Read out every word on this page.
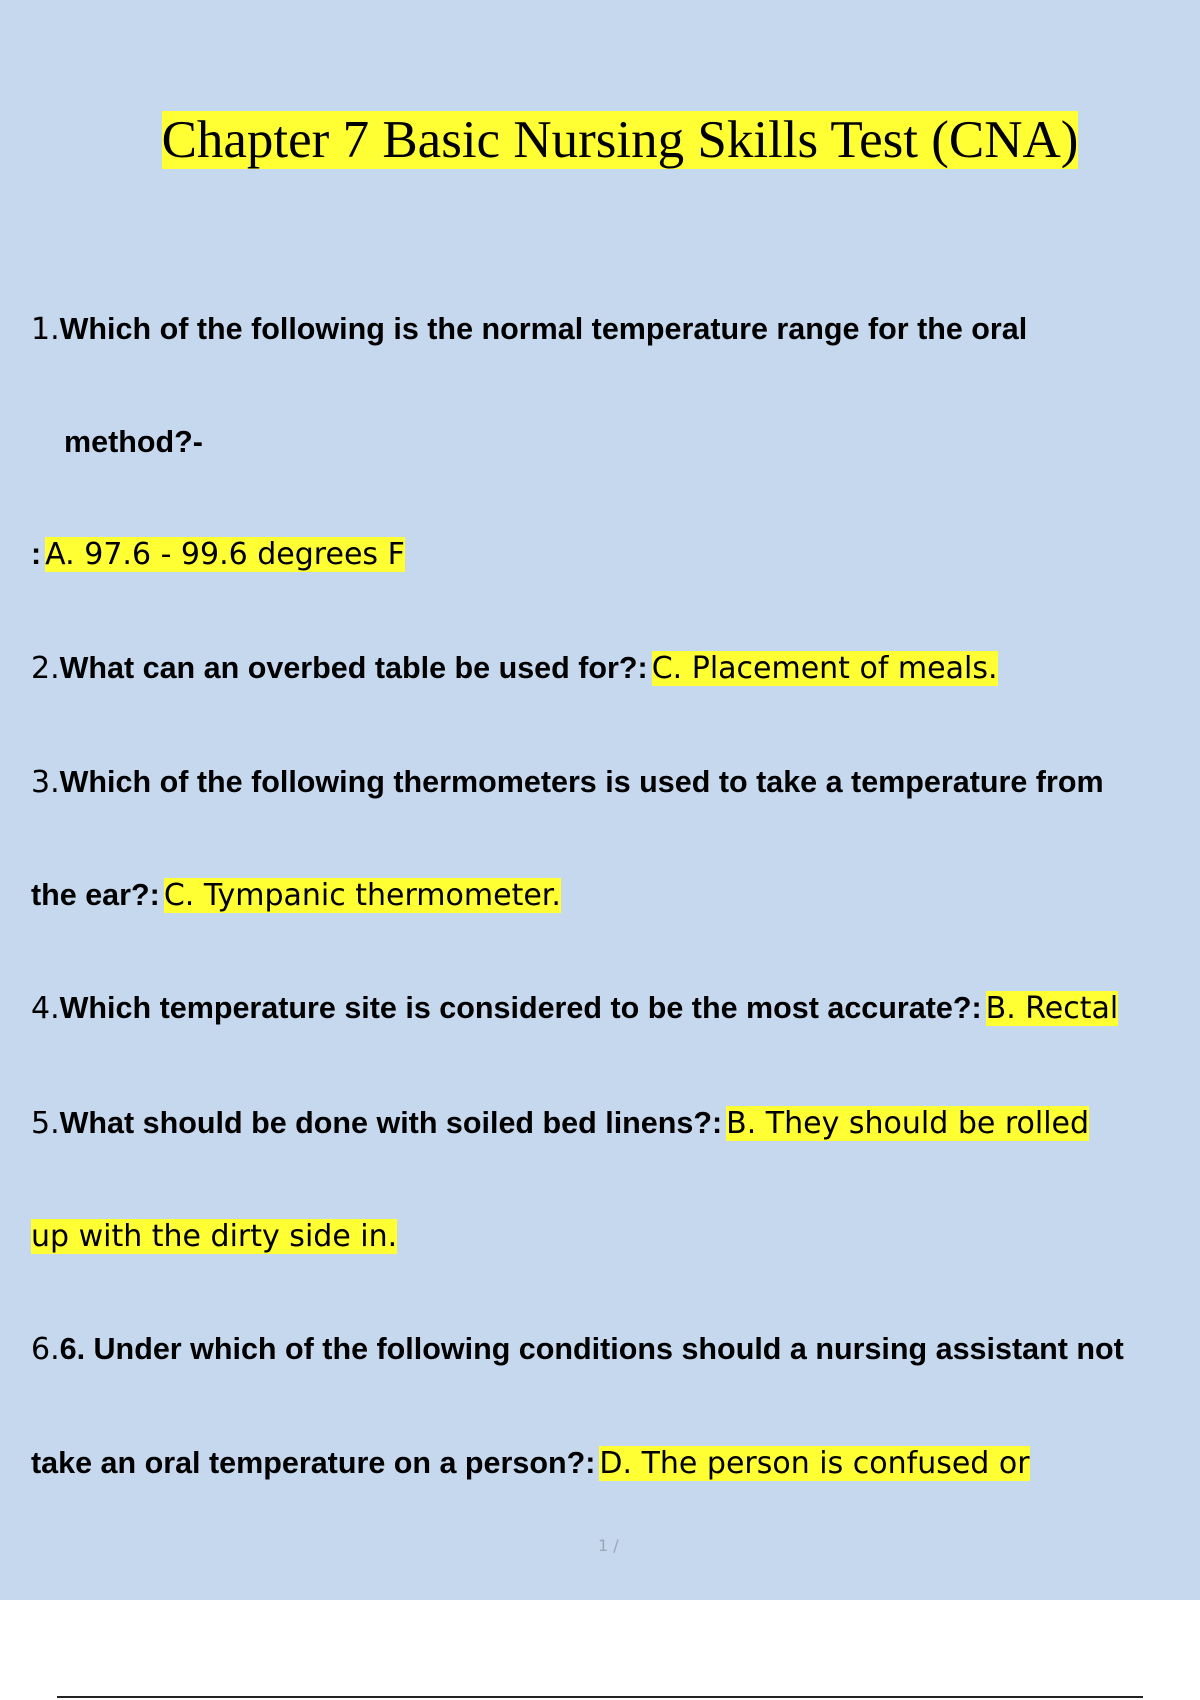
Chapter 7 Basic Nursing Skills Test (CNA)
1.Which of the following is the normal temperature range for the oral
method?-
: A. 97.6 - 99.6 degrees F
2.What can an overbed table be used for?: C. Placement of meals.
3.Which of the following thermometers is used to take a temperature from
the ear?: C. Tympanic thermometer.
4.Which temperature site is considered to be the most accurate?: B. Rectal
5.What should be done with soiled bed linens?: B. They should be rolled
up with the dirty side in.
6.6. Under which of the following conditions should a nursing assistant not
take an oral temperature on a person?: D. The person is confused or
1 /
